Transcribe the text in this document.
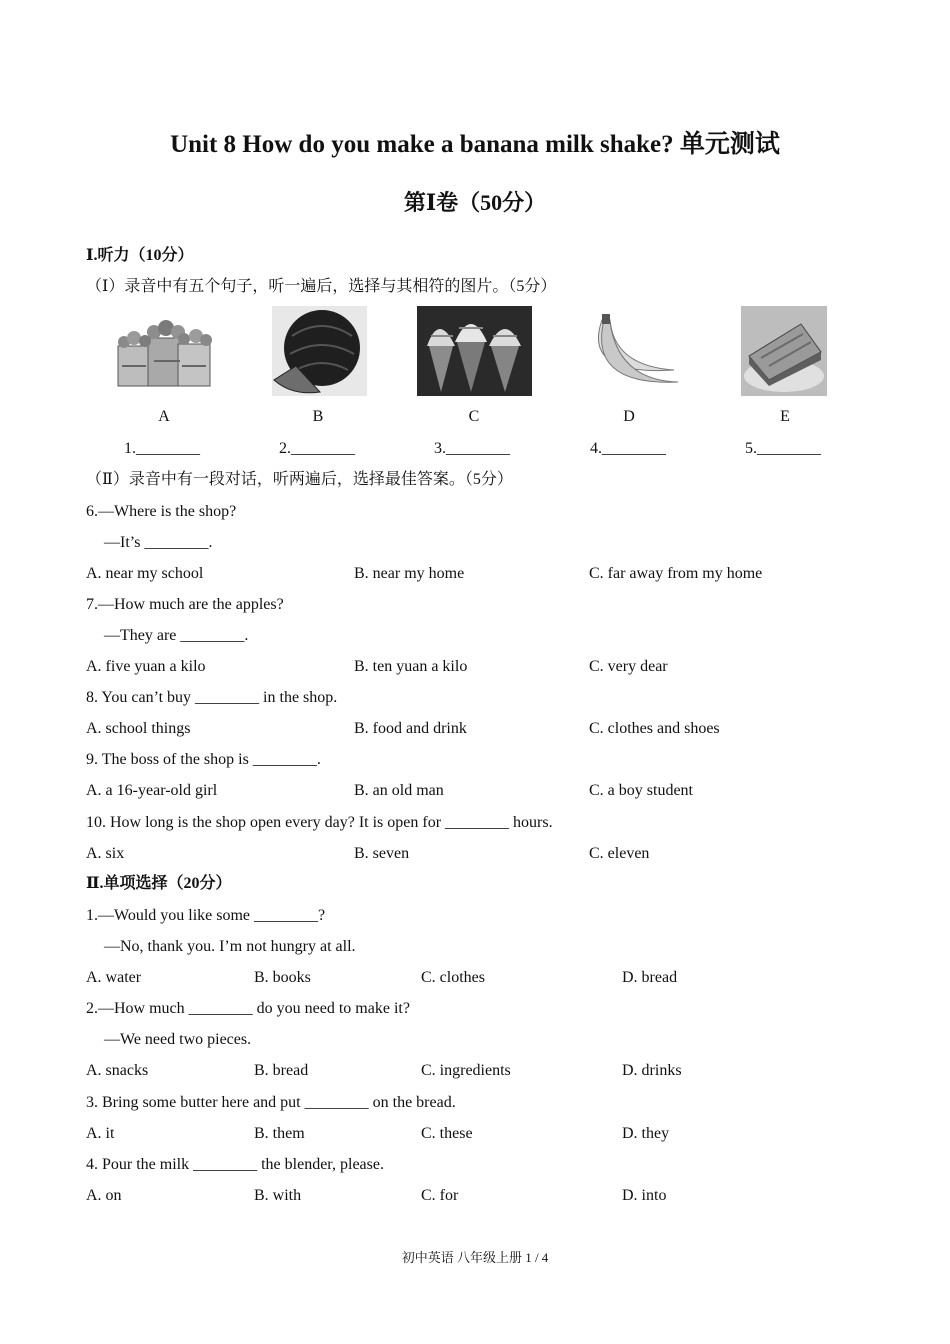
Unit 8 How do you make a banana milk shake? 单元测试
第Ⅰ卷（50分）
Ⅰ.听力（10分）
（Ⅰ）录音中有五个句子，听一遍后，选择与其相符的图片。（5分）
A	B	C	D	E
1.________	2.________	3.________	4.________	5.________
（Ⅱ）录音中有一段对话，听两遍后，选择最佳答案。（5分）
6.—Where is the shop?
—It’s ________.
A. near my school	B. near my home	C. far away from my home
7.—How much are the apples?
—They are ________.
A. five yuan a kilo	B. ten yuan a kilo	C. very dear
8. You can’t buy ________ in the shop.
A. school things	B. food and drink	C. clothes and shoes
9. The boss of the shop is ________.
A. a 16-year-old girl	B. an old man	C. a boy student
10. How long is the shop open every day? It is open for ________ hours.
A. six	B. seven	C. eleven
Ⅱ.单项选择（20分）
1.—Would you like some ________?
—No, thank you. I’m not hungry at all.
A. water	B. books	C. clothes	D. bread
2.—How much ________ do you need to make it?
—We need two pieces.
A. snacks	B. bread	C. ingredients	D. drinks
3. Bring some butter here and put ________ on the bread.
A. it	B. them	C. these	D. they
4. Pour the milk ________ the blender, please.
A. on	B. with	C. for	D. into
初中英语 八年级上册 1 / 4
